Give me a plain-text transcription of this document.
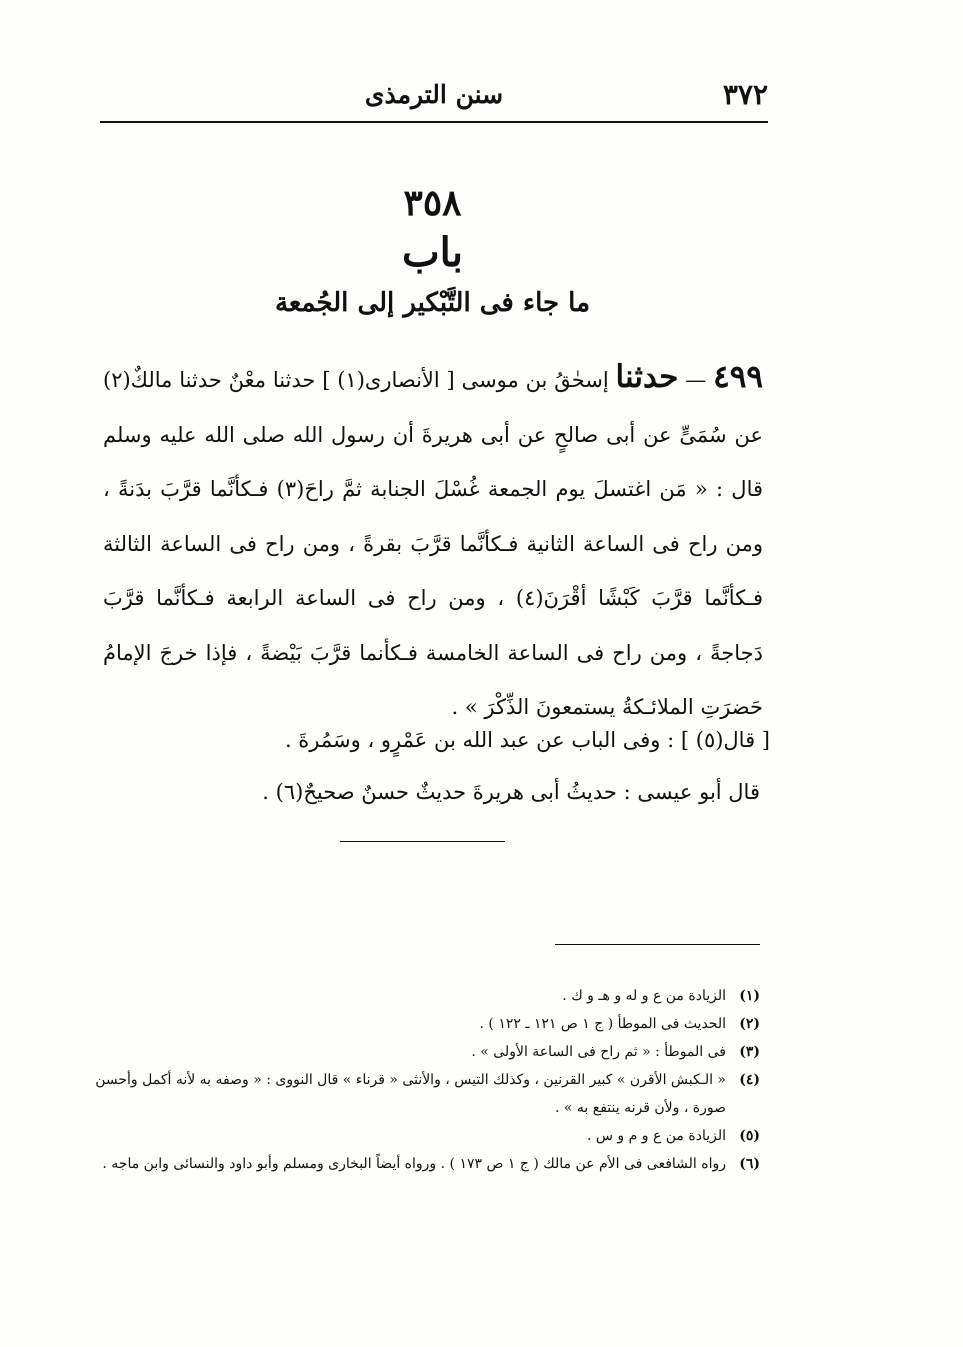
٣٧٢
سنن الترمذى
٣٥٨
باب
ما جاء فى التَّبْكير إلى الجُمعة
٤٩٩ — حدثنا إسحٰقُ بن موسى [ الأنصارى(١) ] حدثنا معْنٌ حدثنا مالكٌ(٢) عن سُمَىٍّ عن أبى صالحٍ عن أبى هريرةَ أن رسول الله صلى الله عليه وسلم قال : « مَن اغتسلَ يوم الجمعة غُسْلَ الجنابة ثمَّ راحَ(٣) فـكأنَّما قرَّبَ بدَنةً ، ومن راح فى الساعة الثانية فـكأنَّما قرَّبَ بقرةً ، ومن راح فى الساعة الثالثة فـكأنَّما قرَّبَ كَبْشًا أقْرَنَ(٤) ، ومن راح فى الساعة الرابعة فـكأنَّما قرَّبَ دَجاجةً ، ومن راح فى الساعة الخامسة فـكأنما قرَّبَ بَيْضةً ، فإذا خرجَ الإمامُ حَضرَتِ الملائـكةُ يستمعونَ الذِّكْرَ » .
[ قال(٥) ] : وفى الباب عن عبد الله بن عَمْرٍو ، وسَمُرةَ .
قال أبو عيسى : حديثُ أبى هريرةَ حديثٌ حسنٌ صحيحٌ(٦) .
(١)الزيادة من ع و له و هـ و ك .
(٢)الحديث فى الموطأ ( ج ١ ص ١٢١ ـ ١٢٢ ) .
(٣)فى الموطأ : « ثم راح فى الساعة الأولى » .
(٤)« الـكبش الأقرن » كبير القرنين ، وكذلك التيس ، والأنثى « قرناء » قال النووى : « وصفه به لأنه أكمل وأحسن صورة ، ولأن قرنه ينتفع به » .
(٥)الزيادة من ع و م و س .
(٦)رواه الشافعى فى الأم عن مالك ( ج ١ ص ١٧٣ ) . ورواه أيضاً البخارى ومسلم وأبو داود والنسائى وابن ماجه .
